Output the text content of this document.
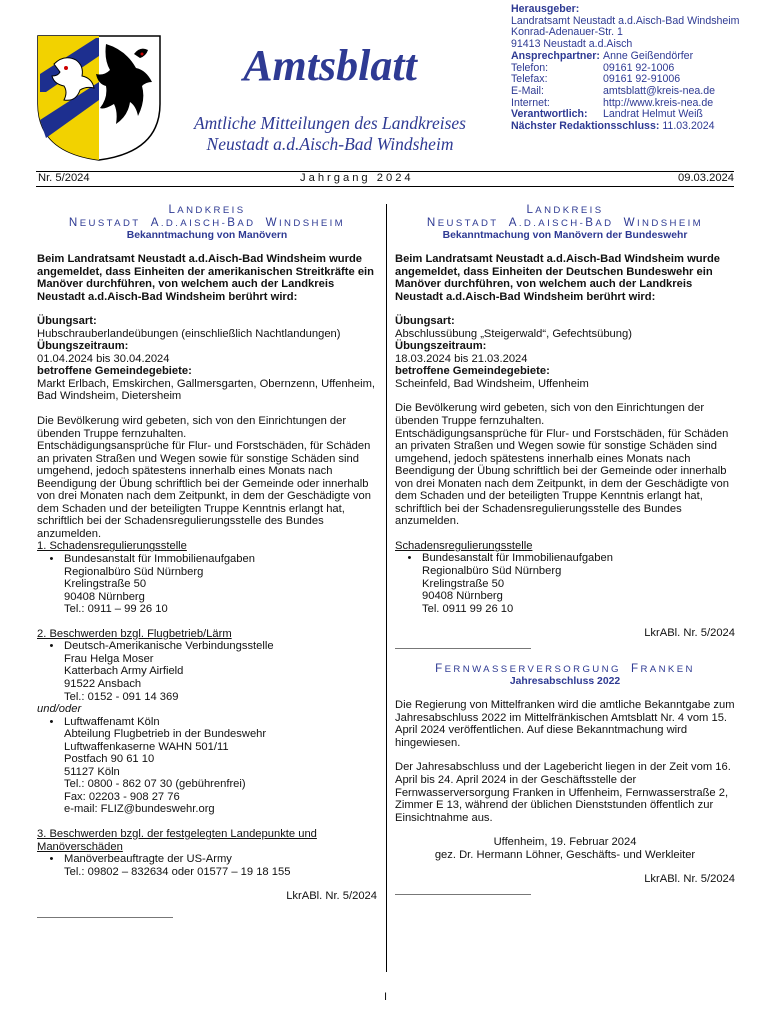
Amtsblatt
Amtliche Mitteilungen des Landkreises
Neustadt a.d.Aisch-Bad Windsheim
Herausgeber:
Landratsamt Neustadt a.d.Aisch-Bad Windsheim
Konrad-Adenauer-Str. 1
91413 Neustadt a.d.Aisch
Ansprechpartner: Anne Geißendörfer
Telefon:	09161 92-1006
Telefax:	09161 92-91006
E-Mail:	amtsblatt@kreis-nea.de
Internet:	http://www.kreis-nea.de
Verantwortlich:	Landrat Helmut Weiß
Nächster Redaktionsschluss: 11.03.2024
Nr. 5/2024	Jahrgang 2024	09.03.2024
LANDKREIS
NEUSTADT  A.D.AISCH-BAD  WINDSHEIM
Bekanntmachung von Manövern

Beim Landratsamt Neustadt a.d.Aisch-Bad Windsheim wurde angemeldet, dass Einheiten der amerikanischen Streitkräfte ein Manöver durchführen, von welchem auch der Landkreis Neustadt a.d.Aisch-Bad Windsheim berührt wird:

Übungsart:

Hubschrauberlandeübungen (einschließlich Nachtlandungen)

Übungszeitraum:

01.04.2024 bis 30.04.2024

betroffene Gemeindegebiete:

Markt Erlbach, Emskirchen, Gallmersgarten, Obernzenn, Uffenheim, Bad Windsheim, Dietersheim

Die Bevölkerung wird gebeten, sich von den Einrichtungen der übenden Truppe fernzuhalten.

Entschädigungsansprüche für Flur- und Forstschäden, für Schäden an privaten Straßen und Wegen sowie für sonstige Schäden sind umgehend, jedoch spätestens innerhalb eines Monats nach Beendigung der Übung schriftlich bei der Gemeinde oder innerhalb von drei Monaten nach dem Zeitpunkt, in dem der Geschädigte von dem Schaden und der beteiligten Truppe Kenntnis erlangt hat, schriftlich bei der Schadensregulierungsstelle des Bundes anzumelden.

1. Schadensregulierungsstelle

• Bundesanstalt für Immobilienaufgaben

Regionalbüro Süd Nürnberg

Krelingstraße 50

90408 Nürnberg

Tel.: 0911 – 99 26 10

2. Beschwerden bzgl. Flugbetrieb/Lärm

• Deutsch-Amerikanische Verbindungsstelle

Frau Helga Moser

Katterbach Army Airfield

91522 Ansbach

Tel.: 0152 - 091 14 369

und/oder

• Luftwaffenamt Köln

Abteilung Flugbetrieb in der Bundeswehr

Luftwaffenkaserne WAHN 501/11

Postfach 90 61 10

51127 Köln

Tel.: 0800 - 862 07 30 (gebührenfrei)

Fax: 02203 - 908 27 76

e-mail: FLIZ@bundeswehr.org

3. Beschwerden bzgl. der festgelegten Landepunkte und Manöverschäden

• Manöverbeauftragte der US-Army

Tel.: 09802 – 832634 oder 01577 – 19 18 155

LkrABl. Nr. 5/2024

LANDKREIS
NEUSTADT  A.D.AISCH-BAD  WINDSHEIM
Bekanntmachung von Manövern der Bundeswehr

Beim Landratsamt Neustadt a.d.Aisch-Bad Windsheim wurde angemeldet, dass Einheiten der Deutschen Bundeswehr ein Manöver durchführen, von welchem auch der Landkreis Neustadt a.d.Aisch-Bad Windsheim berührt wird:

Übungsart:

Abschlussübung „Steigerwald“, Gefechtsübung)

Übungszeitraum:

18.03.2024 bis 21.03.2024

betroffene Gemeindegebiete:

Scheinfeld, Bad Windsheim, Uffenheim

Die Bevölkerung wird gebeten, sich von den Einrichtungen der übenden Truppe fernzuhalten.

Entschädigungsansprüche für Flur- und Forstschäden, für Schäden an privaten Straßen und Wegen sowie für sonstige Schäden sind umgehend, jedoch spätestens innerhalb eines Monats nach Beendigung der Übung schriftlich bei der Gemeinde oder innerhalb von drei Monaten nach dem Zeitpunkt, in dem der Geschädigte von dem Schaden und der beteiligten Truppe Kenntnis erlangt hat, schriftlich bei der Schadensregulierungsstelle des Bundes anzumelden.

Schadensregulierungsstelle

• Bundesanstalt für Immobilienaufgaben

Regionalbüro Süd Nürnberg

Krelingstraße 50

90408 Nürnberg

Tel. 0911 99 26 10

LkrABl. Nr. 5/2024

FERNWASSERVERSORGUNG  FRANKEN
Jahresabschluss 2022

Die Regierung von Mittelfranken wird die amtliche Bekanntgabe zum Jahresabschluss 2022 im Mittelfränkischen Amtsblatt Nr. 4 vom 15. April 2024 veröffentlichen. Auf diese Bekanntmachung wird hingewiesen.

Der Jahresabschluss und der Lagebericht liegen in der Zeit vom 16. April bis 24. April 2024 in der Geschäftsstelle der Fernwasserversorgung Franken in Uffenheim, Fernwasserstraße 2, Zimmer E 13, während der üblichen Dienststunden öffentlich zur Einsichtnahme aus.

Uffenheim, 19. Februar 2024

gez. Dr. Hermann Löhner, Geschäfts- und Werkleiter

LkrABl. Nr. 5/2024

I
